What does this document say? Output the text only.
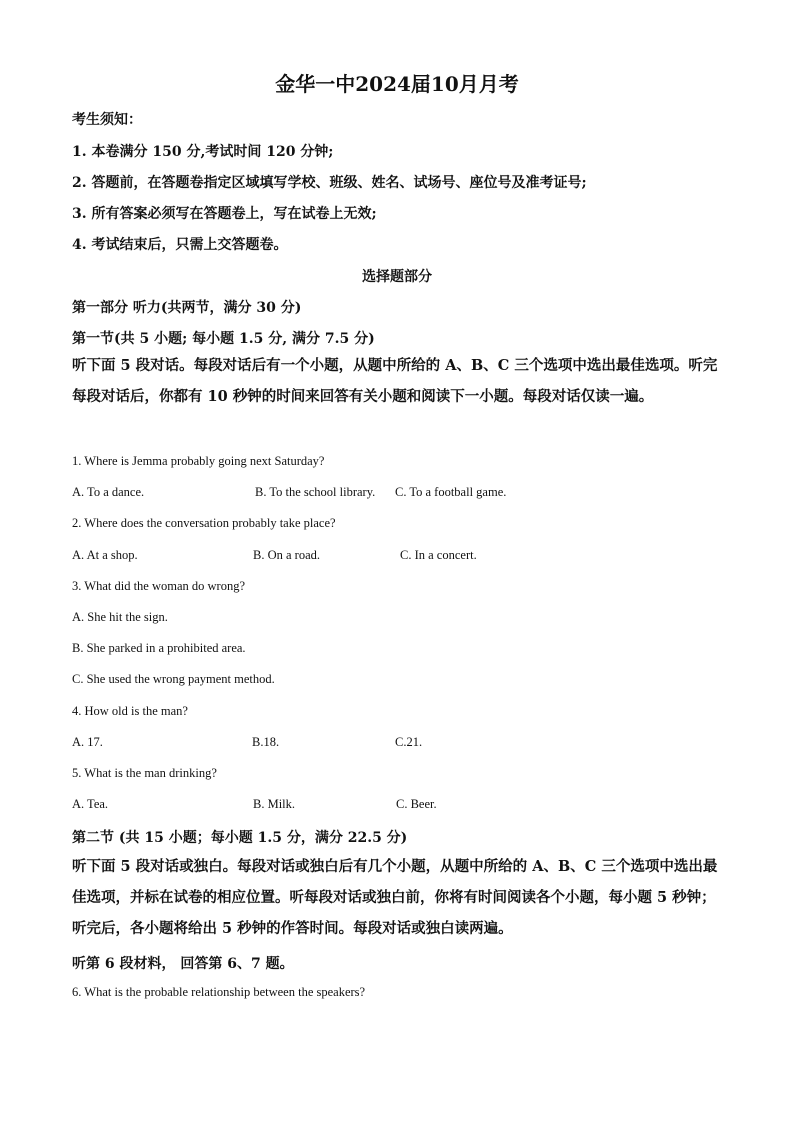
金华一中2024届10月月考
考生须知：
1. 本卷满分 150 分,考试时间 120 分钟;
2. 答题前，在答题卷指定区域填写学校、班级、姓名、试场号、座位号及准考证号;
3. 所有答案必须写在答题卷上，写在试卷上无效;
4. 考试结束后，只需上交答题卷。
选择题部分
第一部分 听力(共两节，满分 30 分)
第一节(共 5 小题; 每小题 1.5 分, 满分 7.5 分)
听下面 5 段对话。每段对话后有一个小题，从题中所给的 A、B、C 三个选项中选出最佳选项。听完每段对话后，你都有 10 秒钟的时间来回答有关小题和阅读下一小题。每段对话仅读一遍。
1. Where is Jemma probably going next Saturday?
A. To a dance.	B. To the school library. C. To a football game.
2. Where does the conversation probably take place?
A. At a shop.	B. On a road.	C. In a concert.
3. What did the woman do wrong?
A. She hit the sign.
B. She parked in a prohibited area.
C. She used the wrong payment method.
4. How old is the man?
A. 17.	B.18.	C.21.
5. What is the man drinking?
A. Tea.	B. Milk.	C. Beer.
第二节 (共 15 小题；每小题 1.5 分，满分 22.5 分)
听下面 5 段对话或独白。每段对话或独白后有几个小题，从题中所给的 A、B、C 三个选项中选出最佳选项，并标在试卷的相应位置。听每段对话或独白前，你将有时间阅读各个小题，每小题 5 秒钟；听完后，各小题将给出 5 秒钟的作答时间。每段对话或独白读两遍。
听第 6 段材料， 回答第 6、7 题。
6. What is the probable relationship between the speakers?
